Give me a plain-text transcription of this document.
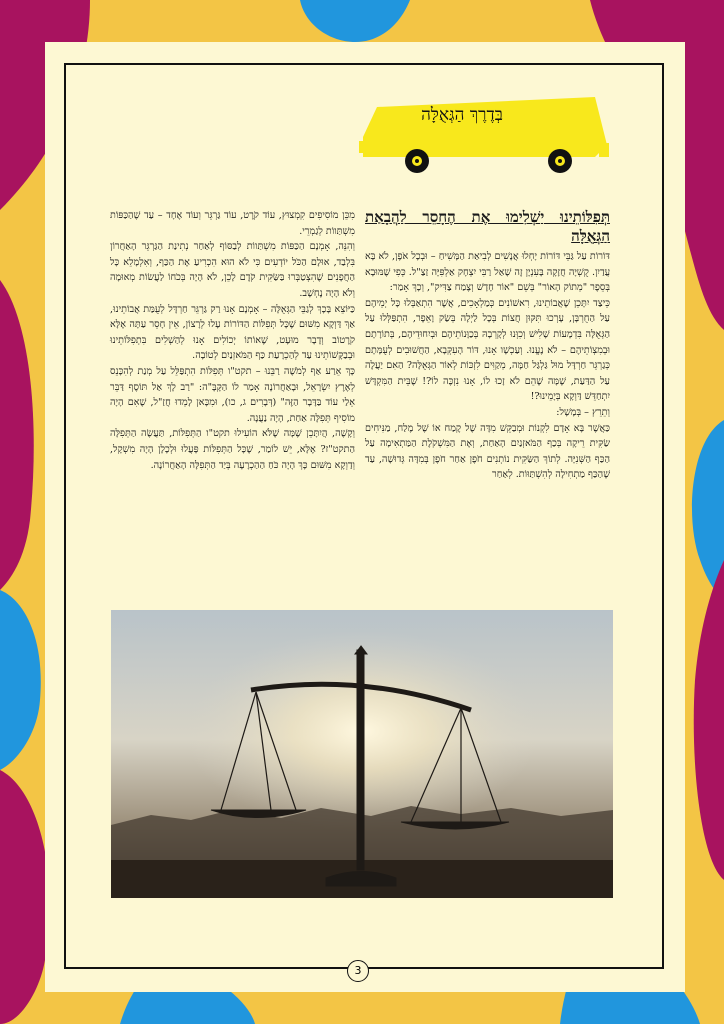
בְּדֶרֶךְ הַגְּאֻלָּה
תְּפִלּוֹתֵינוּ יַשְׁלִימוּ אֶת הֶחָסֵר לַהֲבָאַת הַגְּאֻלָּה

דּוֹרוֹת עַל גַּבֵּי דּוֹרוֹת יָחְלוּ אֲנָשִׁים לְבִיאַת הַמָּשִׁיחַ – וּבְכָל אֹפֶן, לֹא בָּא עֲדַיִן. קֻשְׁיָה חֲזָקָה בָּעִנְיָן זֶה שָׁאַל רַבִּי יִצְחָק אַלְפִּיָּה זַצַ"ל. כְּפִי שֶׁמּוּבָא בְּסֵפֶר "מְתוֹק הָאוֹר" בְּשֵׁם "אוֹר חָדָשׁ וְצֶמַח צַדִּיק", וְכָךְ אָמַר:

כֵּיצַד יִתָּכֵן שֶׁאֲבוֹתֵינוּ, רִאשׁוֹנִים כְּמַלְאָכִים, אֲשֶׁר הִתְאַבְּלוּ כָּל יְמֵיהֶם עַל הַחֻרְבָּן, עָרְכוּ תִּקּוּן חֲצוֹת בְּכָל לַיְלָה בְּשַׂק וָאֵפֶר, הִתְפַּלְּלוּ עַל הַגְּאֻלָּה בִּדְמָעוֹת שָׁלִישׁ וְכִוְּנוּ לְקָרְבָהּ בְּכַוָּנוֹתֵיהֶם וּבְיִחוּדֵיהֶם, בְּתוֹרָתָם וּבְמִצְוֹתֵיהֶם – לֹא נֶעֱנוּ. וְעַכְשָׁו אָנוּ, דּוֹר הָעִקְּבָא, הַחֲשׁוּבִים לְעֻמָּתָם כְּגַרְגֵּר חַרְדָּל מוּל גַּלְגַּל חַמָּה, מְקַוִּים לִזְכּוֹת לְאוֹר הַגְּאֻלָּה? הַאִם יַעֲלֶה עַל הַדַּעַת, שֶׁמָּה שֶׁהֵם לֹא זָכוּ לוֹ, אָנוּ נִזְכֶּה לוֹ?! שֶׁבֵּית הַמִּקְדָּשׁ יִתְחַדֵּשׁ דַּוְקָא בְּיָמֵינוּ?!

וְתֵרֵץ – בְּמָשָׁל:

כַּאֲשֶׁר בָּא אָדָם לִקְנוֹת וּמְבַקֵּשׁ מִדָּה שֶׁל קֶמַח אוֹ שֶׁל מֶלַח, מַנִּיחִים שַׂקִּית רֵיקָה בְּכַף הַמֹּאזְנַיִם הָאַחַת, וְאֶת הַמִּשְׁקֹלֶת הַמַּתְאִימָה עַל הַכַּף הַשְּׁנִיָּה. לְתוֹךְ הַשַּׂקִּית נוֹתְנִים חֹפֶן אַחַר חֹפֶן בְּמִדָּה גְּדוּשָׁה, עַד שֶׁהַכַּף מַתְחִילָה לְהִשְׁתַּוּוֹת. לְאַחַר

מִכֵּן מוֹסִיפִים קִמְצוּץ, עוֹד קֹרֶט, עוֹד גַּרְגֵּר וְעוֹד אֶחָד – עַד שֶׁהַכַּפּוֹת מִשְׁתַּווֹת לְגַמְרֵי.

וְהִנֵּה, אָמְנָם הַכַּפּוֹת מִשְׁתַּווֹת לְבַסּוֹף לְאַחַר נְתִינַת הַגַּרְגֵּר הָאַחֲרוֹן בִּלְבַד, אוּלָם הַכֹּל יוֹדְעִים כִּי לֹא הוּא הִכְרִיעַ אֶת הַכַּף, וְאִלְמָלֵא כָּל הַחֲפָנִים שֶׁהִצְטַבְּרוּ בַּשַּׂקִּית קֹדֶם לָכֵן, לֹא הָיָה בְּכֹחוֹ לַעֲשׂוֹת מְאוּמָה וְלֹא הָיָה נֶחְשָׁב.

כַּיּוֹצֵא בָּכָךְ לְגַבֵּי הַגְּאֻלָּה – אָמְנָם אָנוּ רַק גַּרְגֵּר חַרְדָּל לְעֻמַּת אֲבוֹתֵינוּ, אַךְ דַּוְקָא מִשּׁוּם שֶׁכָּל תְּפִלּוֹת הַדּוֹרוֹת עָלוּ לְרָצוֹן, אֵין חָסֵר עַתָּה אֶלָּא קֹרֶטוֹב וְדָבָר מוּעָט, שֶׁאוֹתוֹ יְכוֹלִים אָנוּ לְהַשְׁלִים בִּתְפִלּוֹתֵינוּ וּבְבַקָּשׁוֹתֵינוּ עַד לְהַכְרָעַת כַּף הַמֹּאזְנַיִם לְטוֹבָה.

כָּךְ אֵרַע אַף לְמֹשֶׁה רַבֵּנוּ – תקט"ו תְּפִלּוֹת הִתְפַּלֵּל עַל מְנַת לְהִכָּנֵס לְאֶרֶץ יִשְׂרָאֵל, וּבָאַחֲרוֹנָה אָמַר לוֹ הַקָּבָּ"ה: "רַב לָךְ אַל תּוֹסֶף דַּבֵּר אֵלַי עוֹד בַּדָּבָר הַזֶּה" (דְּבָרִים ג, כו), וּמִכָּאן לָמְדוּ חֲזַ"ל, שֶׁאִם הָיָה מוֹסִיף תְּפִלָּה אַחַת, הָיָה נַעֲנָה.

וְקָשֶׁה, הֲיִתָּכֵן שֶׁמָּה שֶׁלֹּא הוֹעִילוּ תקט"ו הַתְּפִלּוֹת, תַּעֲשֶׂה הַתְּפִלָּה הַתקט"ז? אֶלָּא, יֵשׁ לוֹמַר, שֶׁכָּל הַתְּפִלּוֹת פָּעֲלוּ וּלְכָלָן הָיָה מִשְׁקָל, וְדַוְקָא מִשּׁוּם כָּךְ הָיָה כֹּחַ הַהַכְרָעָה בְּיַד הַתְּפִלָּה הָאַחֲרוֹנָה.

3
